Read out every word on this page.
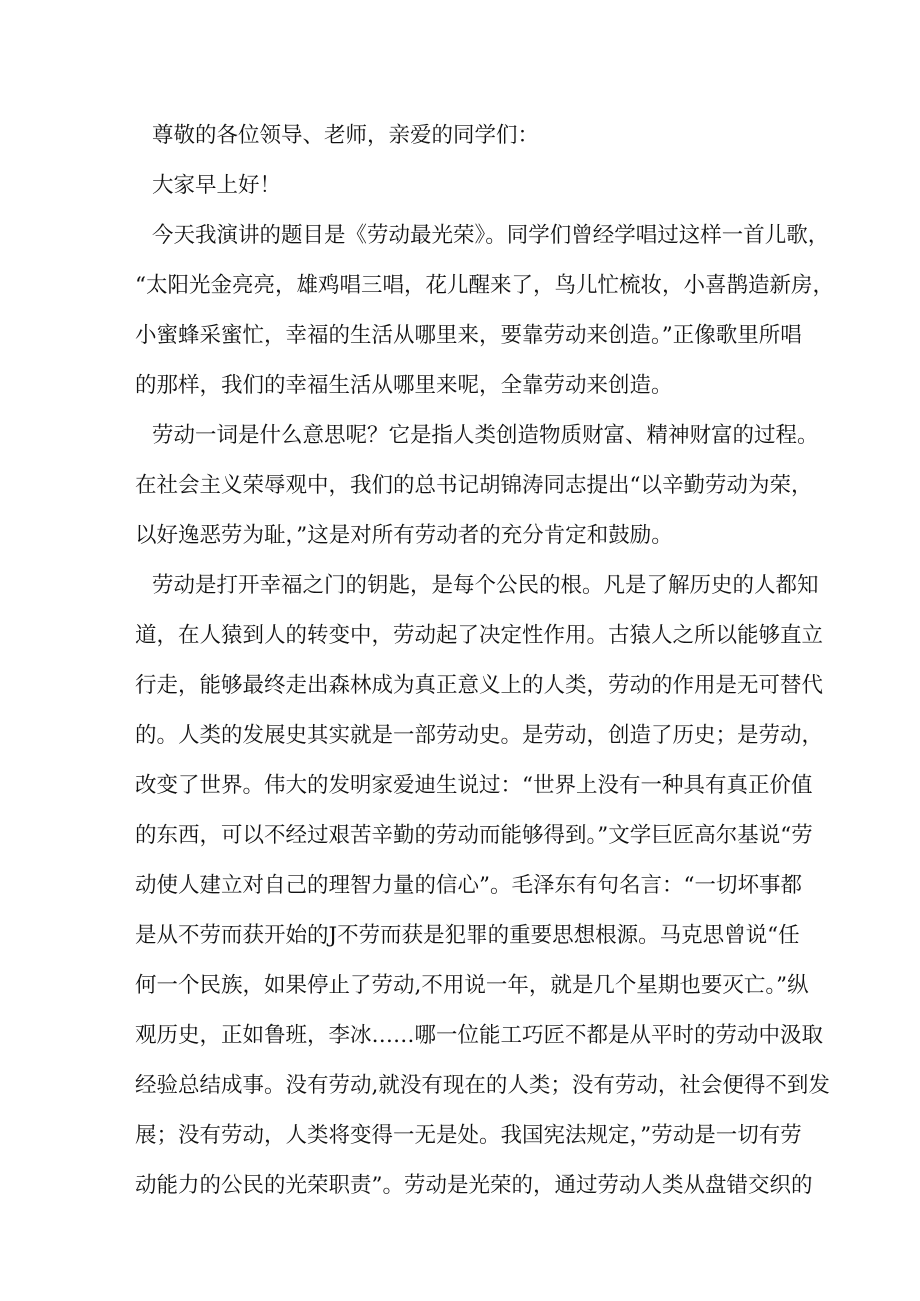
尊敬的各位领导、老师，亲爱的同学们：
大家早上好！
今天我演讲的题目是《劳动最光荣》。同学们曾经学唱过这样一首儿歌，
“太阳光金亮亮，雄鸡唱三唱，花儿醒来了，鸟儿忙梳妆，小喜鹊造新房，
小蜜蜂采蜜忙，幸福的生活从哪里来，要靠劳动来创造。”正像歌里所唱
的那样，我们的幸福生活从哪里来呢，全靠劳动来创造。
劳动一词是什么意思呢？它是指人类创造物质财富、精神财富的过程。
在社会主义荣辱观中，我们的总书记胡锦涛同志提出“以辛勤劳动为荣，
以好逸恶劳为耻，”这是对所有劳动者的充分肯定和鼓励。
劳动是打开幸福之门的钥匙，是每个公民的根。凡是了解历史的人都知
道，在人猿到人的转变中，劳动起了决定性作用。古猿人之所以能够直立
行走，能够最终走出森林成为真正意义上的人类，劳动的作用是无可替代
的。人类的发展史其实就是一部劳动史。是劳动，创造了历史；是劳动，
改变了世界。伟大的发明家爱迪生说过：“世界上没有一种具有真正价值
的东西，可以不经过艰苦辛勤的劳动而能够得到。”文学巨匠高尔基说“劳
动使人建立对自己的理智力量的信心”。毛泽东有句名言：“一切坏事都
是从不劳而获开始的J不劳而获是犯罪的重要思想根源。马克思曾说“任
何一个民族，如果停止了劳动,不用说一年，就是几个星期也要灭亡。”纵
观历史，正如鲁班，李冰……哪一位能工巧匠不都是从平时的劳动中汲取
经验总结成事。没有劳动,就没有现在的人类；没有劳动，社会便得不到发
展；没有劳动，人类将变得一无是处。我国宪法规定，”劳动是一切有劳
动能力的公民的光荣职责”。劳动是光荣的，通过劳动人类从盘错交织的
